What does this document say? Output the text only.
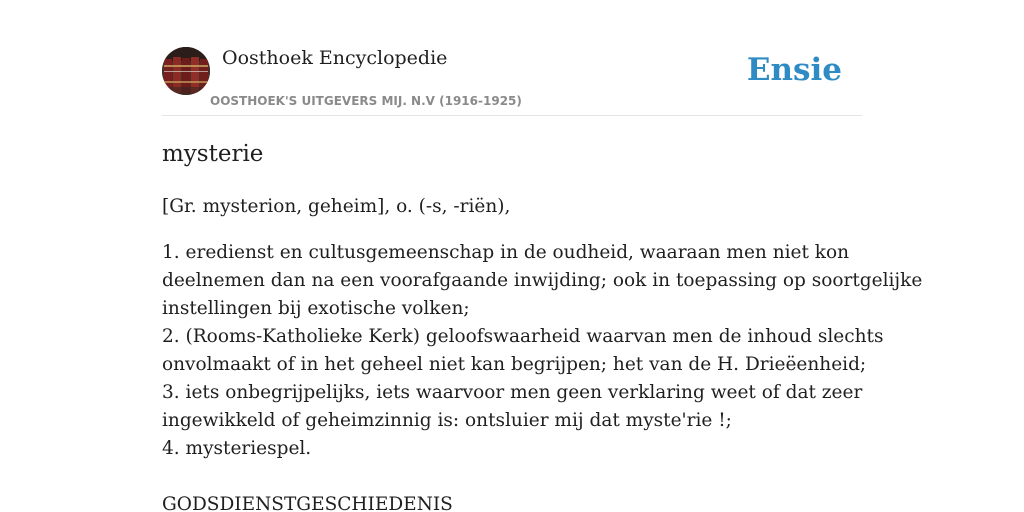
Oosthoek Encyclopedie
OOSTHOEK'S UITGEVERS MIJ. N.V (1916-1925)
Ensie
mysterie

[Gr. mysterion, geheim], o. (-s, -riën),

1. eredienst en cultusgemeenschap in de oudheid, waaraan men niet kon
deelnemen dan na een voorafgaande inwijding; ook in toepassing op soortgelijke
instellingen bij exotische volken;
2. (Rooms-Katholieke Kerk) geloofswaarheid waarvan men de inhoud slechts
onvolmaakt of in het geheel niet kan begrijpen; het van de H. Drieëenheid;
3. iets onbegrijpelijks, iets waarvoor men geen verklaring weet of dat zeer
ingewikkeld of geheimzinnig is: ontsluier mij dat myste'rie !;
4. mysteriespel.

GODSDIENSTGESCHIEDENIS
